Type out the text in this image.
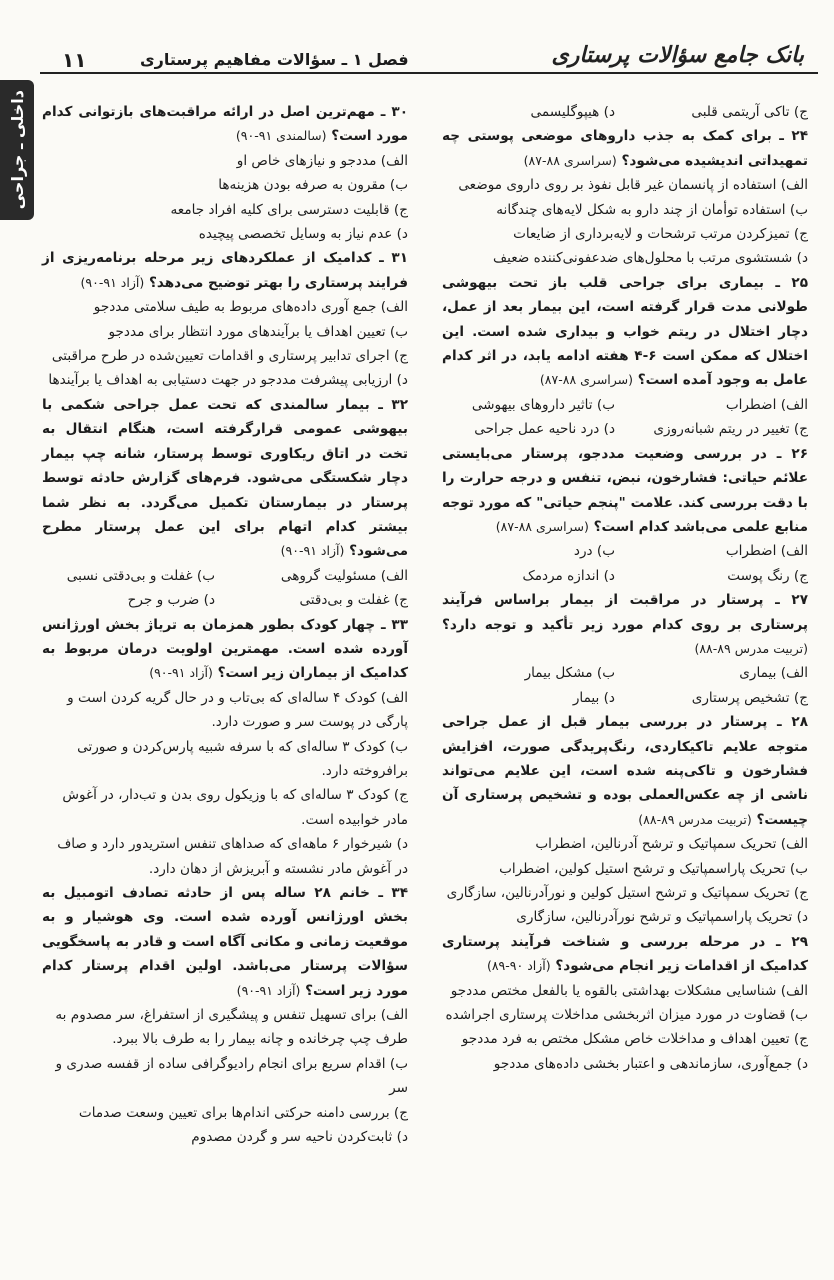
بانک جامع سؤالات پرستاری
فصل ۱ ـ سؤالات مفاهیم پرستاری
۱۱
داخلی ـ جراحی	ج) تاکی آریتمی قلبی
د) هیپوگلیسمی
۲۴ ـ برای کمک به جذب داروهای موضعی پوستی چه تمهیداتی اندیشیده می‌شود؟ (سراسری ۸۸-۸۷)
الف) استفاده از پانسمان غیر قابل نفوذ بر روی داروی موضعی
ب) استفاده توأمان از چند دارو به شکل لایه‌های چندگانه
ج) تمیزکردن مرتب ترشحات و لایه‌برداری از ضایعات
د) شستشوی مرتب با محلول‌های ضدعفونی‌کننده ضعیف
۲۵ ـ بیماری برای جراحی قلب باز تحت بیهوشی طولانی مدت قرار گرفته است، این بیمار بعد از عمل، دچار اختلال در ریتم خواب و بیداری شده است. این اختلال که ممکن است ۶-۴ هفته ادامه یابد، در اثر کدام عامل به وجود آمده است؟ (سراسری ۸۸-۸۷)
الف) اضطراب
ب) تاثیر داروهای بیهوشی
ج) تغییر در ریتم شبانه‌روزی
د) درد ناحیه عمل جراحی
۲۶ ـ در بررسی وضعیت مددجو، پرستار می‌بایستی علائم حیاتی: فشارخون، نبض، تنفس و درجه حرارت را با دقت بررسی کند. علامت "پنجم حیاتی" که مورد توجه منابع علمی می‌باشد کدام است؟ (سراسری ۸۸-۸۷)
الف) اضطراب
ب) درد
ج) رنگ پوست
د) اندازه مردمک
۲۷ ـ پرستار در مراقبت از بیمار براساس فرآیند پرستاری بر روی کدام مورد زیر تأکید و توجه دارد؟ (تربیت مدرس ۸۹-۸۸)
الف) بیماری
ب) مشکل بیمار
ج) تشخیص پرستاری
د) بیمار
۲۸ ـ پرستار در بررسی بیمار قبل از عمل جراحی متوجه علایم تاکیکاردی، رنگ‌پریدگی صورت، افزایش فشارخون و تاکی‌پنه شده است، این علایم می‌تواند ناشی از چه عکس‌العملی بوده و تشخیص پرستاری آن چیست؟ (تربیت مدرس ۸۹-۸۸)
الف) تحریک سمپاتیک و ترشح آدرنالین، اضطراب
ب) تحریک پاراسمپاتیک و ترشح استیل کولین، اضطراب
ج) تحریک سمپاتیک و ترشح استیل کولین و نورآدرنالین، سازگاری
د) تحریک پاراسمپاتیک و ترشح نورآدرنالین، سازگاری
۲۹ ـ در مرحله بررسی و شناخت فرآیند پرستاری کدامیک از اقدامات زیر انجام می‌شود؟ (آزاد ۹۰-۸۹)
الف) شناسایی مشکلات بهداشتی بالقوه یا بالفعل مختص مددجو
ب) قضاوت در مورد میزان اثربخشی مداخلات پرستاری اجراشده
ج) تعیین اهداف و مداخلات خاص مشکل مختص به فرد مددجو
د) جمع‌آوری، سازماندهی و اعتبار بخشی داده‌های مددجو
۳۰ ـ مهم‌ترین اصل در ارائه مراقبت‌های بازتوانی کدام مورد است؟ (سالمندی ۹۱-۹۰)
الف) مددجو و نیازهای خاص او
ب) مقرون به صرفه بودن هزینه‌ها
ج) قابلیت دسترسی برای کلیه افراد جامعه
د) عدم نیاز به وسایل تخصصی پیچیده
۳۱ ـ کدامیک از عملکردهای زیر مرحله برنامه‌ریزی از فرایند پرستاری را بهتر توضیح می‌دهد؟ (آزاد ۹۱-۹۰)
الف) جمع آوری داده‌های مربوط به طیف سلامتی مددجو
ب) تعیین اهداف یا برآیندهای مورد انتظار برای مددجو
ج) اجرای تدابیر پرستاری و اقدامات تعیین‌شده در طرح مراقبتی
د) ارزیابی پیشرفت مددجو در جهت دستیابی به اهداف یا برآیندها
۳۲ ـ بیمار سالمندی که تحت عمل جراحی شکمی با بیهوشی عمومی قرارگرفته است، هنگام انتقال به تخت در اتاق ریکاوری توسط پرستار، شانه چپ بیمار دچار شکستگی می‌شود. فرم‌های گزارش حادثه توسط پرستار در بیمارستان تکمیل می‌گردد. به نظر شما بیشتر کدام اتهام برای این عمل پرستار مطرح می‌شود؟ (آزاد ۹۱-۹۰)
الف) مسئولیت گروهی
ب) غفلت و بی‌دقتی نسبی
ج) غفلت و بی‌دقتی
د) ضرب و جرح
۳۳ ـ چهار کودک بطور همزمان به تریاژ بخش اورژانس آورده شده است. مهمترین اولویت درمان مربوط به کدامیک از بیماران زیر است؟ (آزاد ۹۱-۹۰)
الف) کودک ۴ ساله‌ای که بی‌تاب و در حال گریه کردن است و پارگی در پوست سر و صورت دارد.
ب) کودک ۳ ساله‌ای که با سرفه شبیه پارس‌کردن و صورتی برافروخته دارد.
ج) کودک ۳ ساله‌ای که با وزیکول روی بدن و تب‌دار، در آغوش مادر خوابیده است.
د) شیرخوار ۶ ماهه‌ای که صداهای تنفس استریدور دارد و صاف در آغوش مادر نشسته و آبریزش از دهان دارد.
۳۴ ـ خانم ۲۸ ساله پس از حادثه تصادف اتومبیل به بخش اورژانس آورده شده است. وی هوشیار و به موقعیت زمانی و مکانی آگاه است و قادر به پاسخگویی سؤالات پرستار می‌باشد. اولین اقدام پرستار کدام مورد زیر است؟ (آزاد ۹۱-۹۰)
الف) برای تسهیل تنفس و پیشگیری از استفراغ، سر مصدوم به طرف چپ چرخانده و چانه بیمار را به طرف بالا ببرد.
ب) اقدام سریع برای انجام رادیوگرافی ساده از قفسه صدری و سر
ج) بررسی دامنه حرکتی اندام‌ها برای تعیین وسعت صدمات
د) ثابت‌کردن ناحیه سر و گردن مصدوم
